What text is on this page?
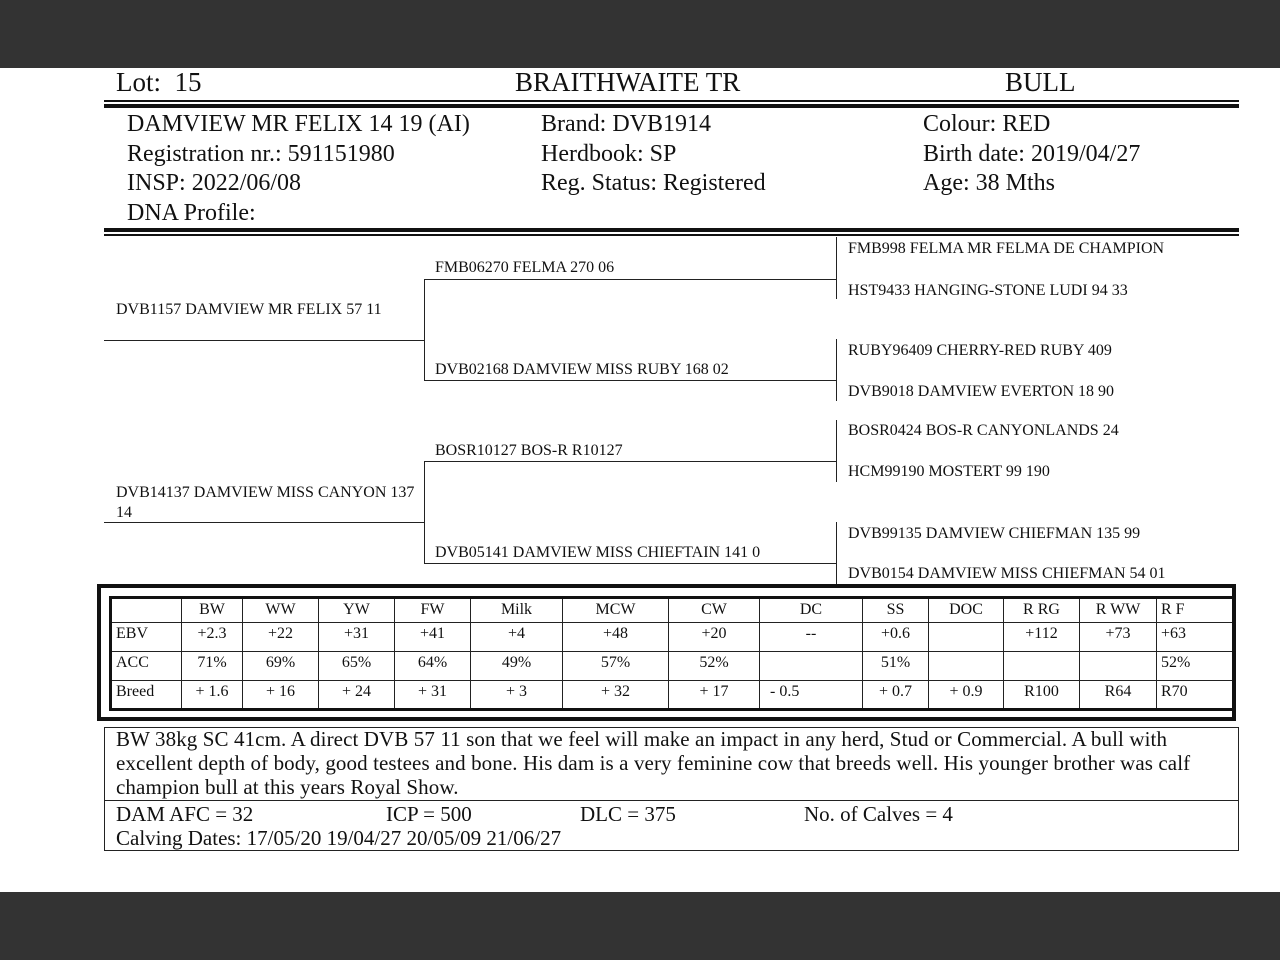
Lot: 15	BRAITHWAITE TR	BULL
DAMVIEW MR FELIX 14 19 (AI)
Registration nr.: 591151980
INSP: 2022/06/08
DNA Profile:
Brand: DVB1914
Herdbook: SP
Reg. Status: Registered
Colour: RED
Birth date: 2019/04/27
Age: 38 Mths
DVB1157 DAMVIEW MR FELIX 57 11
DVB14137 DAMVIEW MISS CANYON 137 14
FMB06270 FELMA 270 06
DVB02168 DAMVIEW MISS RUBY 168 02
BOSR10127 BOS-R R10127
DVB05141 DAMVIEW MISS CHIEFTAIN 141 0
FMB998 FELMA MR FELMA DE CHAMPION
HST9433 HANGING-STONE LUDI 94 33
RUBY96409 CHERRY-RED RUBY 409
DVB9018 DAMVIEW EVERTON 18 90
BOSR0424 BOS-R CANYONLANDS 24
HCM99190 MOSTERT 99 190
DVB99135 DAMVIEW CHIEFMAN 135 99
DVB0154 DAMVIEW MISS CHIEFMAN 54 01
	BW	WW	YW	FW	Milk	MCW	CW	DC	SS	DOC	R RG	R WW	R F
EBV	+2.3	+22	+31	+41	+4	+48	+20	--	+0.6		+112	+73	+63
ACC	71%	69%	65%	64%	49%	57%	52%		51%				52%
Breed	+ 1.6	+ 16	+ 24	+ 31	+ 3	+ 32	+ 17	- 0.5	+ 0.7	+ 0.9	R100	R64	R70
BW 38kg SC 41cm. A direct DVB 57 11 son that we feel will make an impact in any herd, Stud or Commercial. A bull with excellent depth of body, good testees and bone. His dam is a very feminine cow that breeds well. His younger brother was calf champion bull at this years Royal Show.
DAM AFC = 32	ICP = 500	DLC = 375	No. of Calves = 4
Calving Dates: 17/05/20 19/04/27 20/05/09 21/06/27
